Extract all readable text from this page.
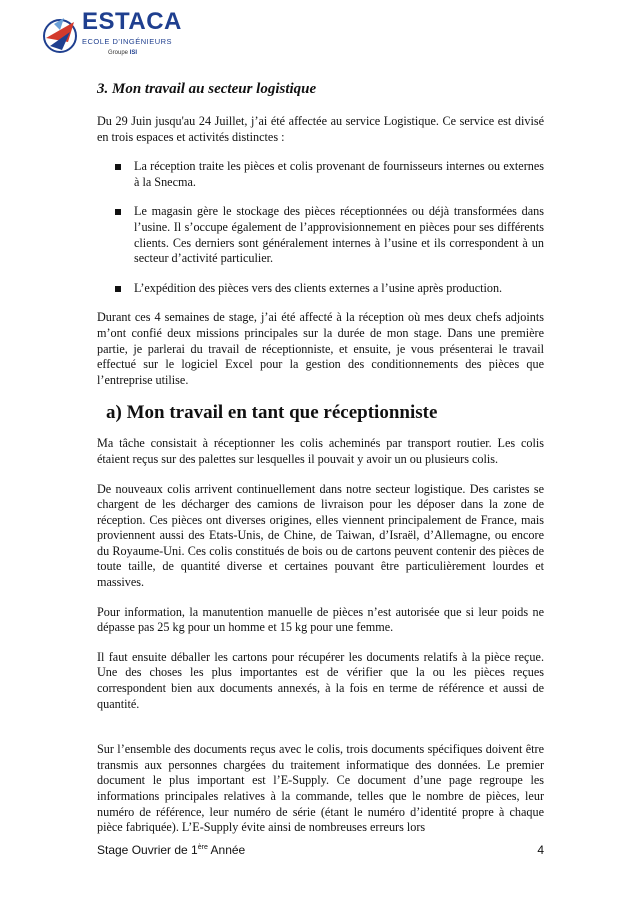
ESTACA
ECOLE D'INGÉNIEURS
Groupe ISI
3. Mon travail au secteur logistique

Du 29 Juin jusqu'au 24 Juillet, j’ai été affectée au service Logistique. Ce service est divisé en trois espaces et activités distinctes :

La réception traite les pièces et colis provenant de fournisseurs internes ou externes à la Snecma.
Le magasin gère le stockage des pièces réceptionnées ou déjà transformées dans l’usine. Il s’occupe également de l’approvisionnement en pièces pour ses différents clients. Ces derniers sont généralement internes à l’usine et ils correspondent à un secteur d’activité particulier.
L’expédition des pièces vers des clients externes a l’usine après production.

Durant ces 4 semaines de stage, j’ai été affecté à la réception où mes deux chefs adjoints m’ont confié deux missions principales sur la durée de mon stage. Dans une première partie, je parlerai du travail de réceptionniste, et ensuite, je vous présenterai le travail effectué sur le logiciel Excel pour la gestion des conditionnements des pièces que l’entreprise utilise.

a) Mon travail en tant que réceptionniste

Ma tâche consistait à réceptionner les colis acheminés par transport routier. Les colis étaient reçus sur des palettes sur lesquelles il pouvait y avoir un ou plusieurs colis.

De nouveaux colis arrivent continuellement dans notre secteur logistique. Des caristes se chargent de les décharger des camions de livraison pour les déposer dans la zone de réception. Ces pièces ont diverses origines, elles viennent principalement de France, mais proviennent aussi des Etats-Unis, de Chine, de Taiwan, d’Israël, d’Allemagne, ou encore du Royaume-Uni. Ces colis constitués de bois ou de cartons peuvent contenir des pièces de toute taille, de quantité diverse et certaines pouvant être particulièrement lourdes et massives.

Pour information, la manutention manuelle de pièces n’est autorisée que si leur poids ne dépasse pas 25 kg pour un homme et 15 kg pour une femme.

Il faut ensuite déballer les cartons pour récupérer les documents relatifs à la pièce reçue. Une des choses les plus importantes est de vérifier que la ou les pièces reçues correspondent bien aux documents annexés, à la fois en terme de référence et aussi de quantité.

Sur l’ensemble des documents reçus avec le colis, trois documents spécifiques doivent être transmis aux personnes chargées du traitement informatique des données. Le premier document le plus important est l’E-Supply. Ce document d’une page regroupe les informations principales relatives à la commande, telles que le nombre de pièces, leur numéro de référence, leur numéro de série (étant le numéro d’identité propre à chaque pièce fabriquée). L’E-Supply évite ainsi de nombreuses erreurs lors

Stage Ouvrier de 1ère Année	4
